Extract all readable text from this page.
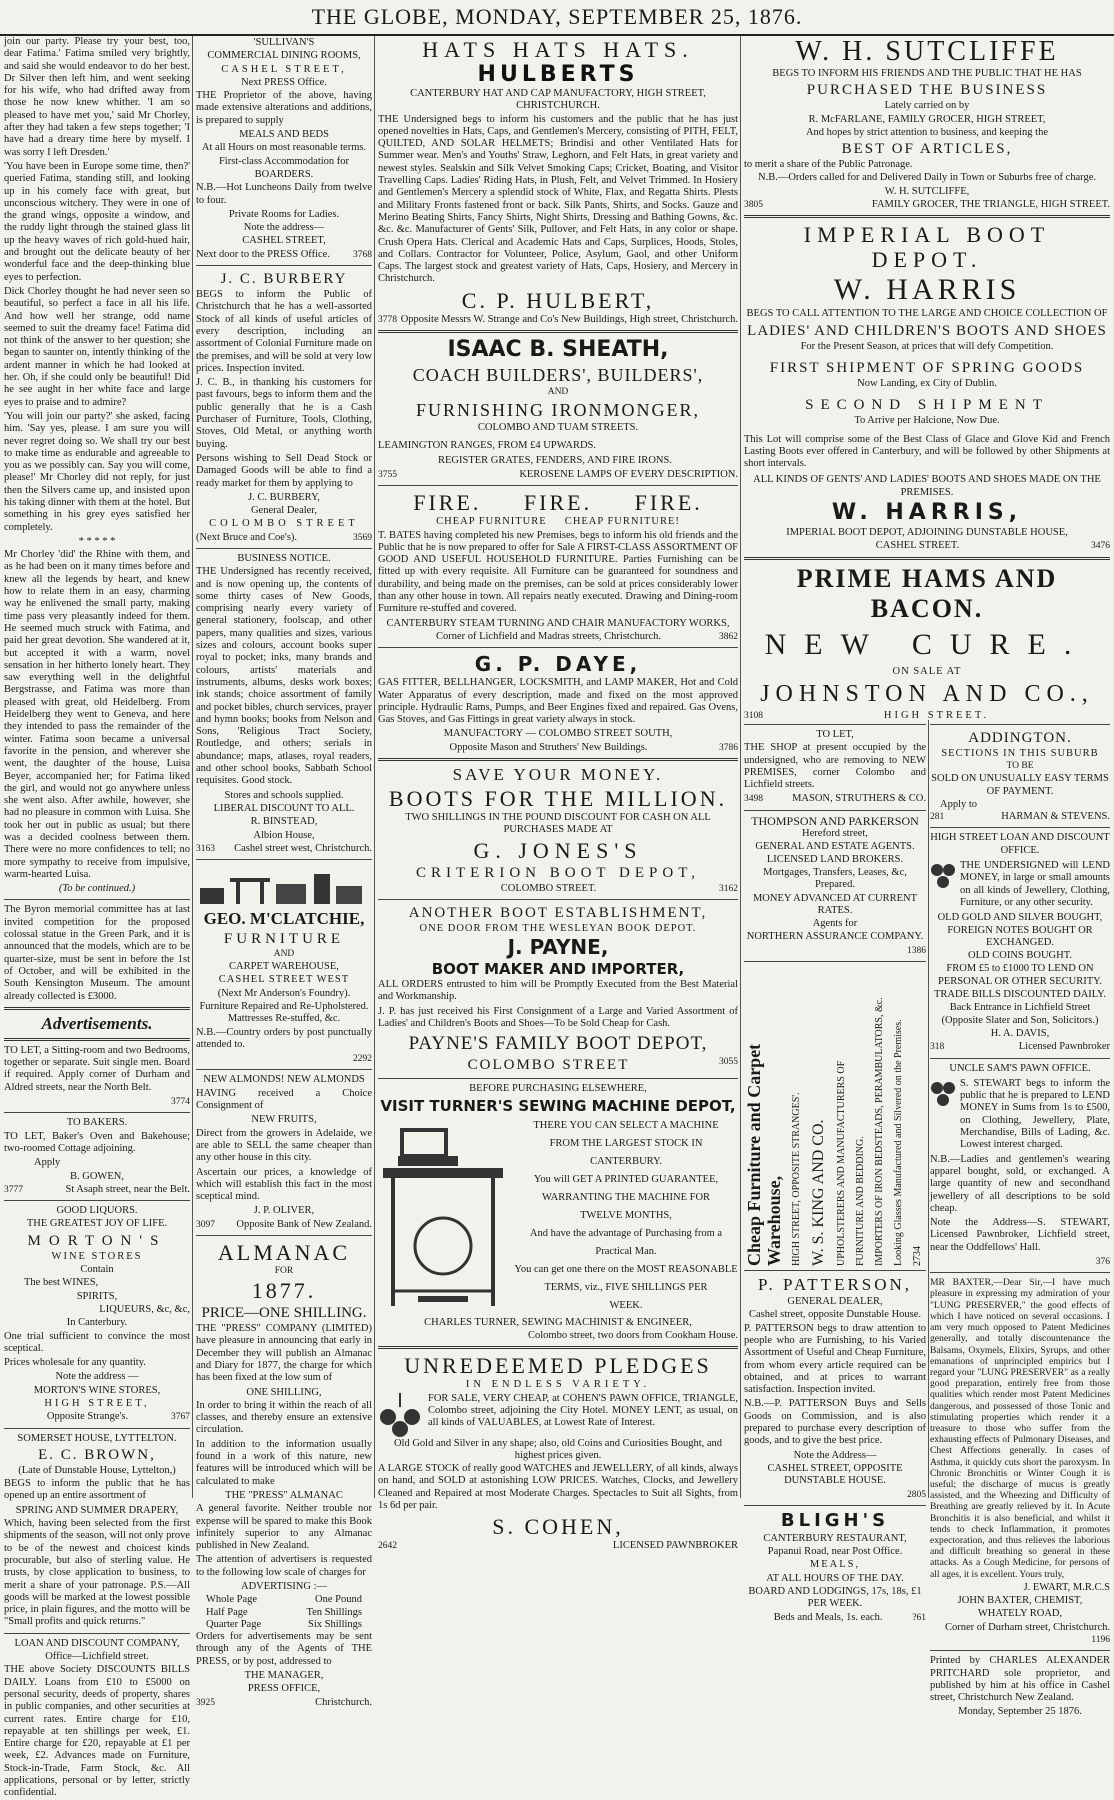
THE GLOBE, MONDAY, SEPTEMBER 25, 1876.

join our party. Please try your best, too, dear Fatima.' Fatima smiled very brightly, and said she would endeavor to do her best. Dr Silver then left him, and went seeking for his wife, who had drifted away from those he now knew whither. 'I am so pleased to have met you,' said Mr Chorley, after they had taken a few steps together; 'I have had a dreary time here by myself. I was sorry I left Dresden.'

'You have been in Europe some time, then?' queried Fatima, standing still, and looking up in his comely face with great, but unconscious witchery. They were in one of the grand wings, opposite a window, and the ruddy light through the stained glass lit up the heavy waves of rich gold-hued hair, and brought out the delicate beauty of her wonderful face and the deep-thinking blue eyes to perfection.

Dick Chorley thought he had never seen so beautiful, so perfect a face in all his life. And how well her strange, odd name seemed to suit the dreamy face! Fatima did not think of the answer to her question; she began to saunter on, intently thinking of the ardent manner in which he had looked at her. Oh, if she could only be beautiful! Did he see aught in her white face and large eyes to praise and to admire?

'You will join our party?' she asked, facing him. 'Say yes, please. I am sure you will never regret doing so. We shall try our best to make time as endurable and agreeable to you as we possibly can. Say you will come, please!' Mr Chorley did not reply, for just then the Silvers came up, and insisted upon his taking dinner with them at the hotel. But something in his grey eyes satisfied her completely.

* * * * *

Mr Chorley 'did' the Rhine with them, and as he had been on it many times before and knew all the legends by heart, and knew how to relate them in an easy, charming way he enlivened the small party, making time pass very pleasantly indeed for them. He seemed much struck with Fatima, and paid her great devotion. She wandered at it, but accepted it with a warm, novel sensation in her hitherto lonely heart. They saw everything well in the delightful Bergstrasse, and Fatima was more than pleased with great, old Heidelberg. From Heidelberg they went to Geneva, and here they intended to pass the remainder of the winter. Fatima soon became a universal favorite in the pension, and wherever she went, the daughter of the house, Luisa Beyer, accompanied her; for Fatima liked the girl, and would not go anywhere unless she went also. After awhile, however, she had no pleasure in common with Luisa. She took her out in public as usual; but there was a decided coolness between them. There were no more confidences to tell; no more sympathy to receive from impulsive, warm-hearted Luisa.

(To be continued.)

The Byron memorial committee has at last invited competition for the proposed colossal statue in the Green Park, and it is announced that the models, which are to be quarter-size, must be sent in before the 1st of October, and will be exhibited in the South Kensington Museum. The amount already collected is £3000.

Advertisements.

TO LET, a Sitting-room and two Bedrooms, together or separate. Suit single men. Board if required. Apply corner of Durham and Aldred streets, near the North Belt.

3774

TO BAKERS.

TO LET, Baker's Oven and Bakehouse; two-roomed Cottage adjoining.

Apply

B. GOWEN,

3777	St Asaph street, near the Belt.

GOOD LIQUORS.

THE GREATEST JOY OF LIFE.

MORTON'S

WINE STORES

Contain

The best WINES,

SPIRITS,

LIQUEURS, &c, &c,

In Canterbury.

One trial sufficient to convince the most sceptical.

Prices wholesale for any quantity.

Note the address —

MORTON'S WINE STORES,

HIGH STREET,

Opposite Strange's.	3767

SOMERSET HOUSE, LYTTELTON.

E. C. BROWN,

(Late of Dunstable House, Lyttelton,)

BEGS to inform the public that he has opened up an entire assortment of

SPRING AND SUMMER DRAPERY,

Which, having been selected from the first shipments of the season, will not only prove to be of the newest and choicest kinds procurable, but also of sterling value. He trusts, by close application to business, to merit a share of your patronage. P.S.—All goods will be marked at the lowest possible price, in plain figures, and the motto will be "Small profits and quick returns."

LOAN AND DISCOUNT COMPANY,

Office—Lichfield street.

THE above Society DISCOUNTS BILLS DAILY. Loans from £10 to £5000 on personal security, deeds of property, shares in public companies, and other securities at current rates. Entire charge for £10, repayable at ten shillings per week, £1. Entire charge for £20, repayable at £1 per week, £2. Advances made on Furniture, Stock-in-Trade, Farm Stock, &c. All applications, personal or by letter, strictly confidential.

'SULLIVAN'S

COMMERCIAL DINING ROOMS,

CASHEL STREET,

Next PRESS Office.

THE Proprietor of the above, having made extensive alterations and additions, is prepared to supply

MEALS AND BEDS

At all Hours on most reasonable terms.

First-class Accommodation for

BOARDERS.

N.B.—Hot Luncheons Daily from twelve to four.

Private Rooms for Ladies.

Note the address—

CASHEL STREET,

Next door to the PRESS Office. 3768

J. C. BURBERY

BEGS to inform the Public of Christchurch that he has a well-assorted Stock of all kinds of useful articles of every description, including an assortment of Colonial Furniture made on the premises, and will be sold at very low prices. Inspection invited.

J. C. B., in thanking his customers for past favours, begs to inform them and the public generally that he is a Cash Purchaser of Furniture, Tools, Clothing, Stoves, Old Metal, or anything worth buying.

Persons wishing to Sell Dead Stock or Damaged Goods will be able to find a ready market for them by applying to

J. C. BURBERY,

General Dealer,

COLOMBO STREET

(Next Bruce and Coe's).	3569

BUSINESS NOTICE.

THE Undersigned has recently received, and is now opening up, the contents of some thirty cases of New Goods, comprising nearly every variety of general stationery, foolscap, and other papers, many qualities and sizes, various sizes and colours, account books super royal to pocket; inks, many brands and colours, artists' materials and instruments, albums, desks work boxes; ink stands; choice assortment of family and pocket bibles, church services, prayer and hymn books; books from Nelson and Sons, 'Religious Tract Society, Routledge, and others; serials in abundance; maps, atlases, royal readers, and other school books, Sabbath School requisites. Good stock.

Stores and schools supplied.

LIBERAL DISCOUNT TO ALL.

R. BINSTEAD,

Albion House,

3163 Cashel street west, Christchurch.

GEO. M'CLATCHIE,

FURNITURE

AND

CARPET WAREHOUSE,

CASHEL STREET WEST

(Next Mr Anderson's Foundry).

Furniture Repaired and Re-Upholstered. Mattresses Re-stuffed, &c.

N.B.—Country orders by post punctually attended to.

2292

NEW ALMONDS! NEW ALMONDS

HAVING received a Choice Consignment of

NEW FRUITS,

Direct from the growers in Adelaide, we are able to SELL the same cheaper than any other house in this city.

Ascertain our prices, a knowledge of which will establish this fact in the most sceptical mind.

J. P. OLIVER,

3097 Opposite Bank of New Zealand.

ALMANAC

FOR

1877.

PRICE—ONE SHILLING.

THE "PRESS" COMPANY (LIMITED) have pleasure in announcing that early in December they will publish an Almanac and Diary for 1877, the charge for which has been fixed at the low sum of

ONE SHILLING,

In order to bring it within the reach of all classes, and thereby ensure an extensive circulation.

In addition to the information usually found in a work of this nature, new features will be introduced which will be calculated to make

THE "PRESS" ALMANAC

A general favorite. Neither trouble nor expense will be spared to make this Book infinitely superior to any Almanac published in New Zealand.

The attention of advertisers is requested to the following low scale of charges for

ADVERTISING :—

Whole Page	One Pound
Half Page	Ten Shillings
Quarter Page	Six Shillings

Orders for advertisements may be sent through any of the Agents of THE PRESS, or by post, addressed to

THE MANAGER,

PRESS OFFICE,

3925	Christchurch.

HATS HATS HATS.

HULBERTS

CANTERBURY HAT AND CAP MANUFACTORY, HIGH STREET, CHRISTCHURCH.

THE Undersigned begs to inform his customers and the public that he has just opened novelties in Hats, Caps, and Gentlemen's Mercery, consisting of PITH, FELT, QUILTED, AND SOLAR HELMETS; Brindisi and other Ventilated Hats for Summer wear. Men's and Youths' Straw, Leghorn, and Felt Hats, in great variety and newest styles. Sealskin and Silk Velvet Smoking Caps; Cricket, Boating, and Visitor Travelling Caps. Ladies' Riding Hats, in Plush, Felt, and Velvet Trimmed. In Hosiery and Gentlemen's Mercery a splendid stock of White, Flax, and Regatta Shirts. Plests and Military Fronts fastened front or back. Silk Pants, Shirts, and Socks. Gauze and Merino Beating Shirts, Fancy Shirts, Night Shirts, Dressing and Bathing Gowns, &c. &c. &c. Manufacturer of Gents' Silk, Pullover, and Felt Hats, in any color or shape. Crush Opera Hats. Clerical and Academic Hats and Caps, Surplices, Hoods, Stoles, and Collars. Contractor for Volunteer, Police, Asylum, Gaol, and other Uniform Caps. The largest stock and greatest variety of Hats, Caps, Hosiery, and Mercery in Christchurch.

C. P. HULBERT,

3778 Opposite Messrs W. Strange and Co's New Buildings, High street, Christchurch.

ISAAC B. SHEATH,

COACH BUILDERS', BUILDERS',

AND

FURNISHING IRONMONGER,

COLOMBO AND TUAM STREETS.

LEAMINGTON RANGES, FROM £4 UPWARDS.

REGISTER GRATES, FENDERS, AND FIRE IRONS.

3755	KEROSENE LAMPS OF EVERY DESCRIPTION.

FIRE.     FIRE.     FIRE.

CHEAP FURNITURE     CHEAP FURNITURE!

T. BATES having completed his new Premises, begs to inform his old friends and the Public that he is now prepared to offer for Sale A FIRST-CLASS ASSORTMENT OF GOOD AND USEFUL HOUSEHOLD FURNITURE. Parties Furnishing can be fitted up with every requisite. All Furniture can be guaranteed for soundness and durability, and being made on the premises, can be sold at prices considerably lower than any other house in town. All repairs neatly executed. Drawing and Dining-room Furniture re-stuffed and covered.

CANTERBURY STEAM TURNING AND CHAIR MANUFACTORY WORKS,

Corner of Lichfield and Madras streets, Christchurch.	3862

G. P. DAYE,

GAS FITTER, BELLHANGER, LOCKSMITH, and LAMP MAKER, Hot and Cold Water Apparatus of every description, made and fixed on the most approved principle. Hydraulic Rams, Pumps, and Beer Engines fixed and repaired. Gas Ovens, Gas Stoves, and Gas Fittings in great variety always in stock.

MANUFACTORY — COLOMBO STREET SOUTH,

Opposite Mason and Struthers' New Buildings.	3786

SAVE YOUR MONEY.

BOOTS FOR THE MILLION.

TWO SHILLINGS IN THE POUND DISCOUNT FOR CASH ON ALL PURCHASES MADE AT

G. JONES'S

CRITERION BOOT DEPOT,

COLOMBO STREET.	3162

ANOTHER BOOT ESTABLISHMENT,

ONE DOOR FROM THE WESLEYAN BOOK DEPOT.

J. PAYNE,

BOOT MAKER AND IMPORTER,

ALL ORDERS entrusted to him will be Promptly Executed from the Best Material and Workmanship.

J. P. has just received his First Consignment of a Large and Varied Assortment of Ladies' and Children's Boots and Shoes—To be Sold Cheap for Cash.

PAYNE'S FAMILY BOOT DEPOT,

COLOMBO STREET	3055

BEFORE PURCHASING ELSEWHERE,

VISIT TURNER'S SEWING MACHINE DEPOT,

THERE YOU CAN SELECT A MACHINE

FROM THE LARGEST STOCK IN

CANTERBURY.

You will GET A PRINTED GUARANTEE,

WARRANTING THE MACHINE FOR

TWELVE MONTHS,

And have the advantage of Purchasing from a

Practical Man.

You can get one there on the MOST REASONABLE

TERMS, viz., FIVE SHILLINGS PER

WEEK.

CHARLES TURNER, SEWING MACHINIST & ENGINEER,

Colombo street, two doors from Cookham House.

UNREDEEMED PLEDGES

IN ENDLESS VARIETY.

FOR SALE, VERY CHEAP, at COHEN'S PAWN OFFICE, TRIANGLE, Colombo street, adjoining the City Hotel. MONEY LENT, as usual, on all kinds of VALUABLES, at Lowest Rate of Interest.

Old Gold and Silver in any shape; also, old Coins and Curiosities Bought, and highest prices given.

A LARGE STOCK of really good WATCHES and JEWELLERY, of all kinds, always on hand, and SOLD at astonishing LOW PRICES. Watches, Clocks, and Jewellery Cleaned and Repaired at most Moderate Charges. Spectacles to Suit all Sights, from 1s 6d per pair.

S. COHEN,

2642	LICENSED PAWNBROKER

W. H. SUTCLIFFE

BEGS TO INFORM HIS FRIENDS AND THE PUBLIC THAT HE HAS

PURCHASED THE BUSINESS

Lately carried on by

R. McFARLANE, FAMILY GROCER, HIGH STREET,

And hopes by strict attention to business, and keeping the

BEST OF ARTICLES,

to merit a share of the Public Patronage.

N.B.—Orders called for and Delivered Daily in Town or Suburbs free of charge.

W. H. SUTCLIFFE,

3805	FAMILY GROCER, THE TRIANGLE, HIGH STREET.

IMPERIAL BOOT DEPOT.

W. HARRIS

BEGS TO CALL ATTENTION TO THE LARGE AND CHOICE COLLECTION OF

LADIES' AND CHILDREN'S BOOTS AND SHOES

For the Present Season, at prices that will defy Competition.

FIRST SHIPMENT OF SPRING GOODS

Now Landing, ex City of Dublin.

SECOND SHIPMENT

To Arrive per Halcione, Now Due.

This Lot will comprise some of the Best Class of Glace and Glove Kid and French Lasting Boots ever offered in Canterbury, and will be followed by other Shipments at short intervals.

ALL KINDS OF GENTS' AND LADIES' BOOTS AND SHOES MADE ON THE PREMISES.

W. HARRIS,

IMPERIAL BOOT DEPOT, ADJOINING DUNSTABLE HOUSE,

CASHEL STREET.	3476

PRIME HAMS AND BACON.

NEW CURE.

ON SALE AT

JOHNSTON AND CO.,

3108	HIGH STREET.

TO LET,

THE SHOP at present occupied by the undersigned, who are removing to NEW PREMISES, corner Colombo and Lichfield streets.

3498	MASON, STRUTHERS & CO.

THOMPSON AND PARKERSON

Hereford street,

GENERAL AND ESTATE AGENTS. LICENSED LAND BROKERS.

Mortgages, Transfers, Leases, &c, Prepared.

MONEY ADVANCED AT CURRENT RATES.

Agents for

NORTHERN ASSURANCE COMPANY.

1386

Cheap Furniture and Carpet Warehouse, HIGH STREET, OPPOSITE STRANGES'. W. S. KING AND CO. UPHOLSTERERS AND MANUFACTURERS OF FURNITURE AND BEDDING. IMPORTERS OF IRON BEDSTEADS, PERAMBULATORS, &c. Looking Glasses Manufactured and Silvered on the Premises. 2734

P. PATTERSON,

GENERAL DEALER,

Cashel street, opposite Dunstable House.

P. PATTERSON begs to draw attention to people who are Furnishing, to his Varied Assortment of Useful and Cheap Furniture, from whom every article required can be obtained, and at prices to warrant satisfaction. Inspection invited.

N.B.—P. PATTERSON Buys and Sells Goods on Commission, and is also prepared to purchase every description of goods, and to give the best price.

Note the Address—

CASHEL STREET, OPPOSITE DUNSTABLE HOUSE.

2805

BLIGH'S

CANTERBURY RESTAURANT,

Papanui Road, near Post Office.

MEALS,

AT ALL HOURS OF THE DAY.

BOARD AND LODGINGS, 17s, 18s, £1 PER WEEK.

Beds and Meals, 1s. each.	?61

ADDINGTON.

SECTIONS IN THIS SUBURB

TO BE

SOLD ON UNUSUALLY EASY TERMS OF PAYMENT.

Apply to

281	HARMAN & STEVENS.

HIGH STREET LOAN AND DISCOUNT OFFICE.

THE UNDERSIGNED will LEND MONEY, in large or small amounts on all kinds of Jewellery, Clothing, Furniture, or any other security.

OLD GOLD AND SILVER BOUGHT, FOREIGN NOTES BOUGHT OR EXCHANGED.

OLD COINS BOUGHT.

FROM £5 to £1000 TO LEND ON PERSONAL OR OTHER SECURITY.

TRADE BILLS DISCOUNTED DAILY.

Back Entrance in Lichfield Street (Opposite Slater and Son, Solicitors.)

H. A. DAVIS,

318	Licensed Pawnbroker

UNCLE SAM'S PAWN OFFICE.

S. STEWART begs to inform the public that he is prepared to LEND MONEY in Sums from 1s to £500, on Clothing, Jewellery, Plate, Merchandise, Bills of Lading, &c. Lowest interest charged.

N.B.—Ladies and gentlemen's wearing apparel bought, sold, or exchanged. A large quantity of new and secondhand jewellery of all descriptions to be sold cheap.

Note the Address—S. STEWART, Licensed Pawnbroker, Lichfield street, near the Oddfellows' Hall.

376

MR BAXTER,—Dear Sir,—I have much pleasure in expressing my admiration of your "LUNG PRESERVER," the good effects of which I have noticed on several occasions. I am very much opposed to Patent Medicines generally, and totally discountenance the Balsams, Oxymels, Elixirs, Syrups, and other emanations of unprincipled empirics but I regard your "LUNG PRESERVER" as a really good preparation, entirely free from those qualities which render most Patent Medicines dangerous, and possessed of those Tonic and stimulating properties which render it a treasure to those who suffer from the exhausting effects of Pulmonary Diseases, and Chest Affections generally. In cases of Asthma, it quickly cuts short the paroxysm. In Chronic Bronchitis or Winter Cough it is useful; the discharge of mucus is greatly assisted, and the Wheezing and Difficulty of Breathing are greatly relieved by it. In Acute Bronchitis it is also beneficial, and whilst it tends to check Inflammation, it promotes expectoration, and thus relieves the laborious and difficult breathing so general in these attacks. As a Cough Medicine, for persons of all ages, it is excellent. Yours truly,

J. EWART, M.R.C.S

JOHN BAXTER, CHEMIST,

WHATELY ROAD,

Corner of Durham street, Christchurch.

1196

Printed by CHARLES ALEXANDER PRITCHARD sole proprietor, and published by him at his office in Cashel street, Christchurch New Zealand.

Monday, September 25 1876.
